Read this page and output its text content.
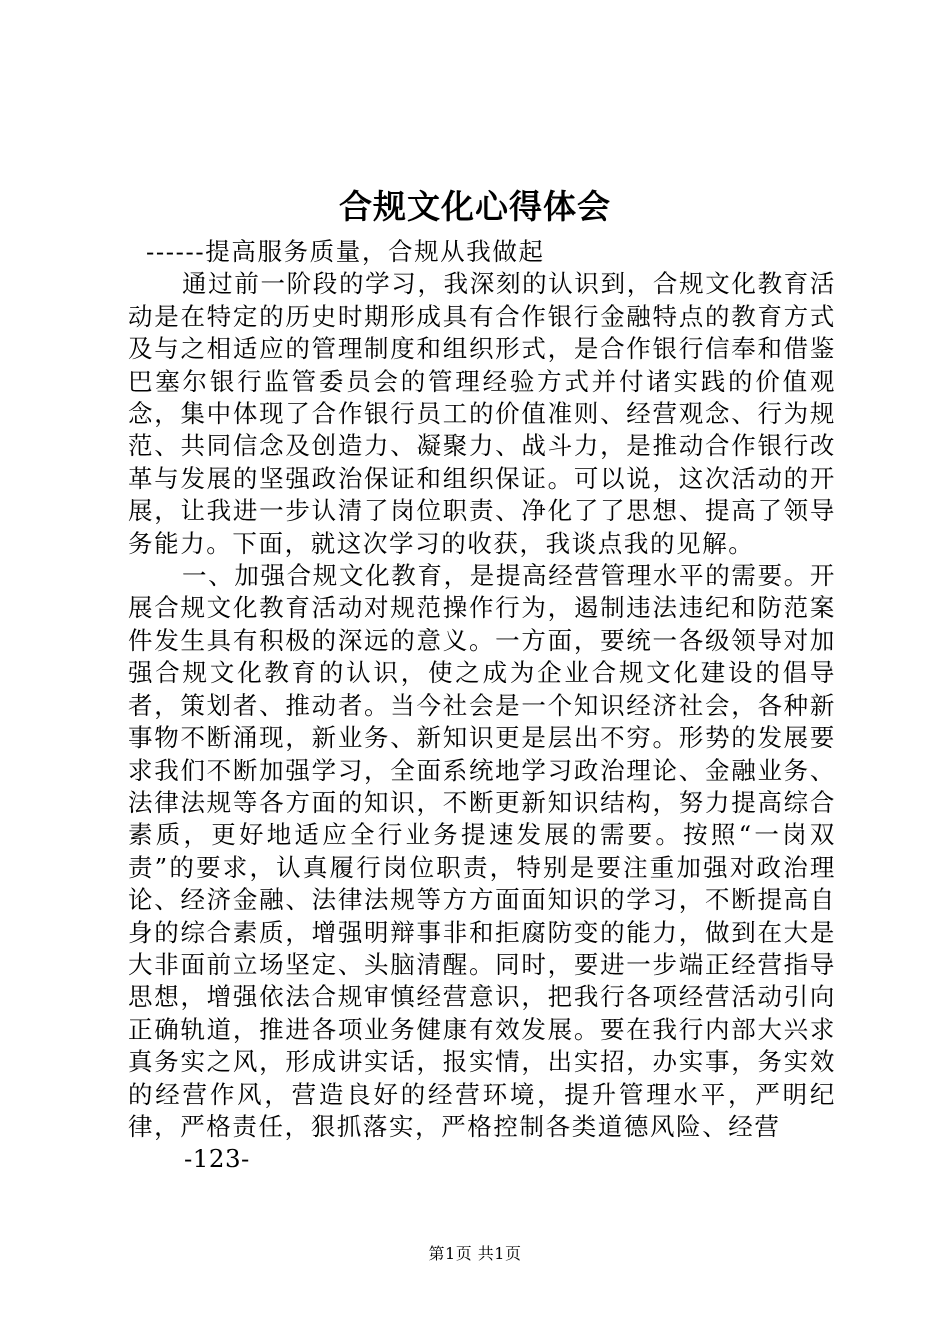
合规文化心得体会

------提高服务质量，合规从我做起

通过前一阶段的学习，我深刻的认识到，合规文化教育活动是在特定的历史时期形成具有合作银行金融特点的教育方式及与之相适应的管理制度和组织形式，是合作银行信奉和借鉴巴塞尔银行监管委员会的管理经验方式并付诸实践的价值观念，集中体现了合作银行员工的价值准则、经营观念、行为规范、共同信念及创造力、凝聚力、战斗力，是推动合作银行改革与发展的坚强政治保证和组织保证。可以说，这次活动的开展，让我进一步认清了岗位职责、净化了了思想、提高了领导务能力。下面，就这次学习的收获，我谈点我的见解。

一、加强合规文化教育，是提高经营管理水平的需要。开展合规文化教育活动对规范操作行为，遏制违法违纪和防范案件发生具有积极的深远的意义。一方面，要统一各级领导对加强合规文化教育的认识，使之成为企业合规文化建设的倡导者，策划者、推动者。当今社会是一个知识经济社会，各种新事物不断涌现，新业务、新知识更是层出不穷。形势的发展要求我们不断加强学习，全面系统地学习政治理论、金融业务、法律法规等各方面的知识，不断更新知识结构，努力提高综合素质，更好地适应全行业务提速发展的需要。按照“一岗双责”的要求，认真履行岗位职责，特别是要注重加强对政治理论、经济金融、法律法规等方方面面知识的学习，不断提高自身的综合素质，增强明辩事非和拒腐防变的能力，做到在大是大非面前立场坚定、头脑清醒。同时，要进一步端正经营指导思想，增强依法合规审慎经营意识，把我行各项经营活动引向正确轨道，推进各项业务健康有效发展。要在我行内部大兴求真务实之风，形成讲实话，报实情，出实招，办实事，务实效的经营作风，营造良好的经营环境，提升管理水平，严明纪律，严格责任，狠抓落实，严格控制各类道德风险、经营

-123-

第1页 共1页
